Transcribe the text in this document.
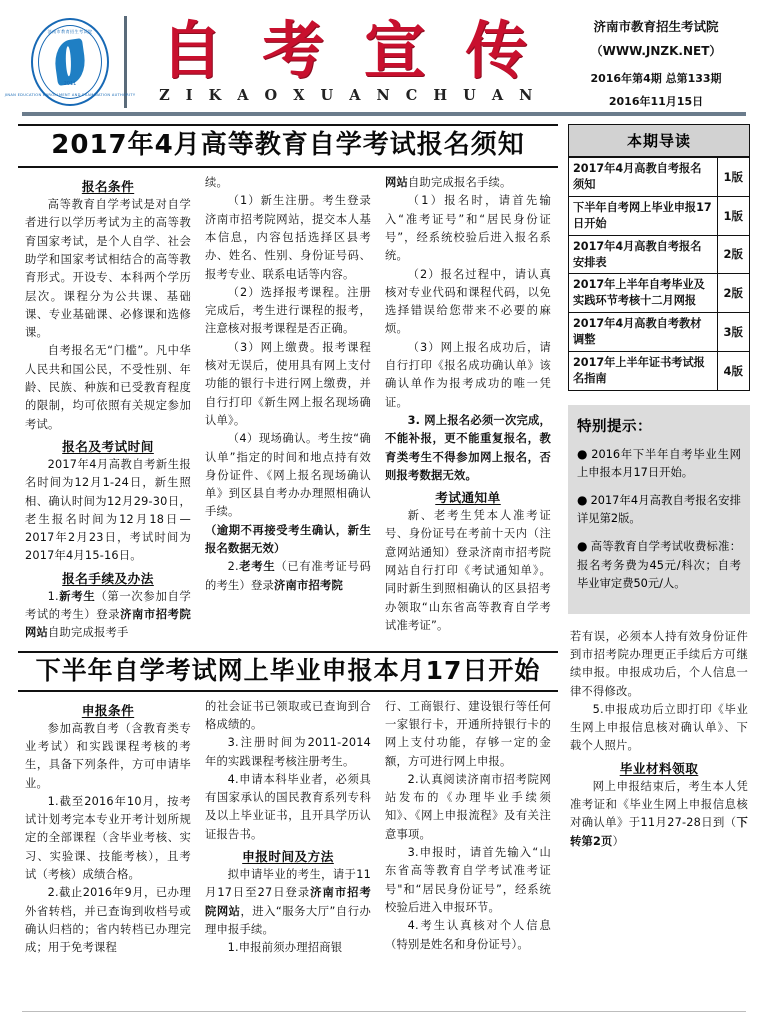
济南市教育招生考试院
2011
JINAN EDUCATION ENROLLMENT AND EXAMINATION AUTHORITY
自 考 宣 传
Z I K A O X U A N C H U A N
济南市教育招生考试院
（WWW.JNZK.NET）
2016年第4期 总第133期
2016年11月15日
2017年4月高等教育自学考试报名须知
报名条件

高等教育自学考试是对自学者进行以学历考试为主的高等教育国家考试，是个人自学、社会助学和国家考试相结合的高等教育形式。开设专、本科两个学历层次。课程分为公共课、基础课、专业基础课、必修课和选修课。

自考报名无“门槛”。凡中华人民共和国公民，不受性别、年龄、民族、种族和已受教育程度的限制，均可依照有关规定参加考试。

报名及考试时间

2017年4月高教自考新生报名时间为12月1-24日，新生照相、确认时间为12月29-30日，老生报名时间为12月18日—2017年2月23日，考试时间为2017年4月15-16日。

报名手续及办法

1.新考生（第一次参加自学考试的考生）登录济南市招考院网站自助完成报考手

续。

（1）新生注册。考生登录济南市招考院网站，提交本人基本信息，内容包括选择区县考办、姓名、性别、身份证号码、报考专业、联系电话等内容。

（2）选择报考课程。注册完成后，考生进行课程的报考，注意核对报考课程是否正确。

（3）网上缴费。报考课程核对无误后，使用具有网上支付功能的银行卡进行网上缴费，并自行打印《新生网上报名现场确认单》。

（4）现场确认。考生按“确认单”指定的时间和地点持有效身份证件、《网上报名现场确认单》到区县自考办办理照相确认手续。

（逾期不再接受考生确认，新生报名数据无效）

2.老考生（已有准考证号码的考生）登录济南市招考院

网站自助完成报名手续。

（1）报名时，请首先输入“准考证号”和“居民身份证号”，经系统校验后进入报名系统。

（2）报名过程中，请认真核对专业代码和课程代码，以免选择错误给您带来不必要的麻烦。

（3）网上报名成功后，请自行打印《报名成功确认单》该确认单作为报考成功的唯一凭证。

3. 网上报名必须一次完成，不能补报，更不能重复报名，教育类考生不得参加网上报名，否则报考数据无效。

考试通知单

新、老考生凭本人准考证号、身份证号在考前十天内（注意网站通知）登录济南市招考院网站自行打印《考试通知单》。同时新生到照相确认的区县招考办领取“山东省高等教育自学考试准考证”。

下半年自学考试网上毕业申报本月17日开始
申报条件

参加高教自考（含教育类专业考试）和实践课程考核的考生，具备下列条件，方可申请毕业。

1.截至2016年10月，按考试计划考完本专业开考计划所规定的全部课程（含毕业考核、实习、实验课、技能考核），且考试（考核）成绩合格。

2.截止2016年9月，已办理外省转档，并已查询到收档号或确认归档的；省内转档已办理完成；用于免考课程

的社会证书已领取或已查询到合格成绩的。

3.注册时间为2011-2014年的实践课程考核注册考生。

4.申请本科毕业者，必须具有国家承认的国民教育系列专科及以上毕业证书，且开具学历认证报告书。

申报时间及方法

拟申请毕业的考生，请于11月17日至27日登录济南市招考院网站，进入“服务大厅”自行办理申报手续。

1.申报前须办理招商银

行、工商银行、建设银行等任何一家银行卡，开通所持银行卡的网上支付功能，存够一定的金额，方可进行网上申报。

2.认真阅读济南市招考院网站发布的《办理毕业手续须知》、《网上申报流程》及有关注意事项。

3.申报时，请首先输入“山东省高等教育自学考试准考证号"和“居民身份证号”，经系统校验后进入申报环节。

4.考生认真核对个人信息（特别是姓名和身份证号）。

本期导读
2017年4月高教自考报名须知	1版
下半年自考网上毕业申报17日开始	1版
2017年4月高教自考报名安排表	2版
2017年上半年自考毕业及实践环节考核十二月网报	2版
2017年4月高教自考教材调整	3版
2017年上半年证书考试报名指南	4版
特别提示：
● 2016年下半年自考毕业生网上申报本月17日开始。
● 2017年4月高教自考报名安排详见第2版。
● 高等教育自学考试收费标准：报名考务费为45元/科次；自考毕业审定费50元/人。

若有误，必须本人持有效身份证件到市招考院办理更正手续后方可继续申报。申报成功后，个人信息一律不得修改。

5.申报成功后立即打印《毕业生网上申报信息核对确认单》、下载个人照片。

毕业材料领取

网上申报结束后，考生本人凭准考证和《毕业生网上申报信息核对确认单》于11月27-28日到（下转第2页）
